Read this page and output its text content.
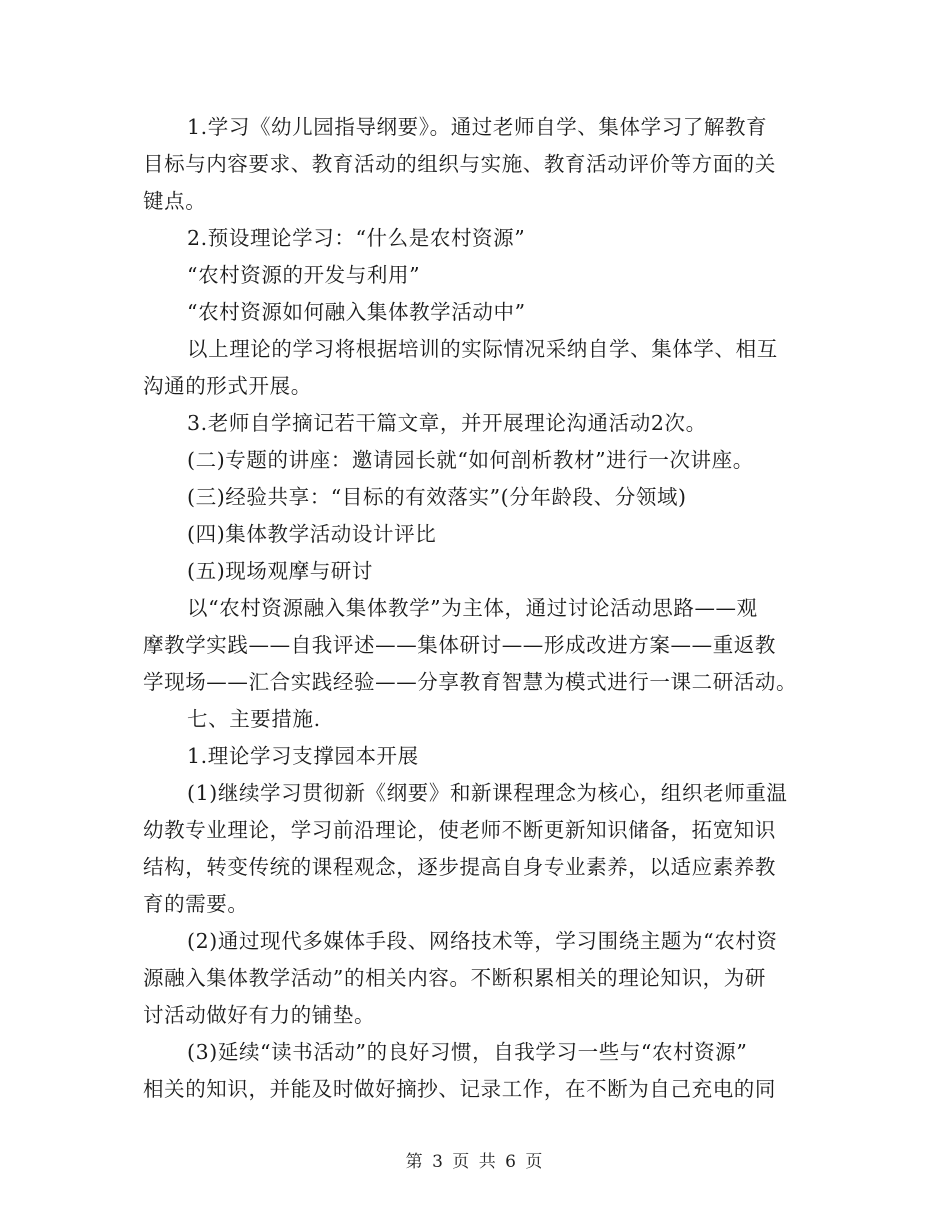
1.学习《幼儿园指导纲要》。通过老师自学、集体学习了解教育
目标与内容要求、教育活动的组织与实施、教育活动评价等方面的关
键点。
2.预设理论学习：“什么是农村资源”
“农村资源的开发与利用”
“农村资源如何融入集体教学活动中”
以上理论的学习将根据培训的实际情况采纳自学、集体学、相互
沟通的形式开展。
3.老师自学摘记若干篇文章，并开展理论沟通活动2次。
(二)专题的讲座：邀请园长就“如何剖析教材”进行一次讲座。
(三)经验共享：“目标的有效落实”(分年龄段、分领域)
(四)集体教学活动设计评比
(五)现场观摩与研讨
以“农村资源融入集体教学”为主体，通过讨论活动思路——观
摩教学实践——自我评述——集体研讨——形成改进方案——重返教
学现场——汇合实践经验——分享教育智慧为模式进行一课二研活动。
七、主要措施.
1.理论学习支撑园本开展
(1)继续学习贯彻新《纲要》和新课程理念为核心，组织老师重温
幼教专业理论，学习前沿理论，使老师不断更新知识储备，拓宽知识
结构，转变传统的课程观念，逐步提高自身专业素养，以适应素养教
育的需要。
(2)通过现代多媒体手段、网络技术等，学习围绕主题为“农村资
源融入集体教学活动”的相关内容。不断积累相关的理论知识，为研
讨活动做好有力的铺垫。
(3)延续“读书活动”的良好习惯，自我学习一些与“农村资源”
相关的知识，并能及时做好摘抄、记录工作，在不断为自己充电的同
第 3 页 共 6 页
